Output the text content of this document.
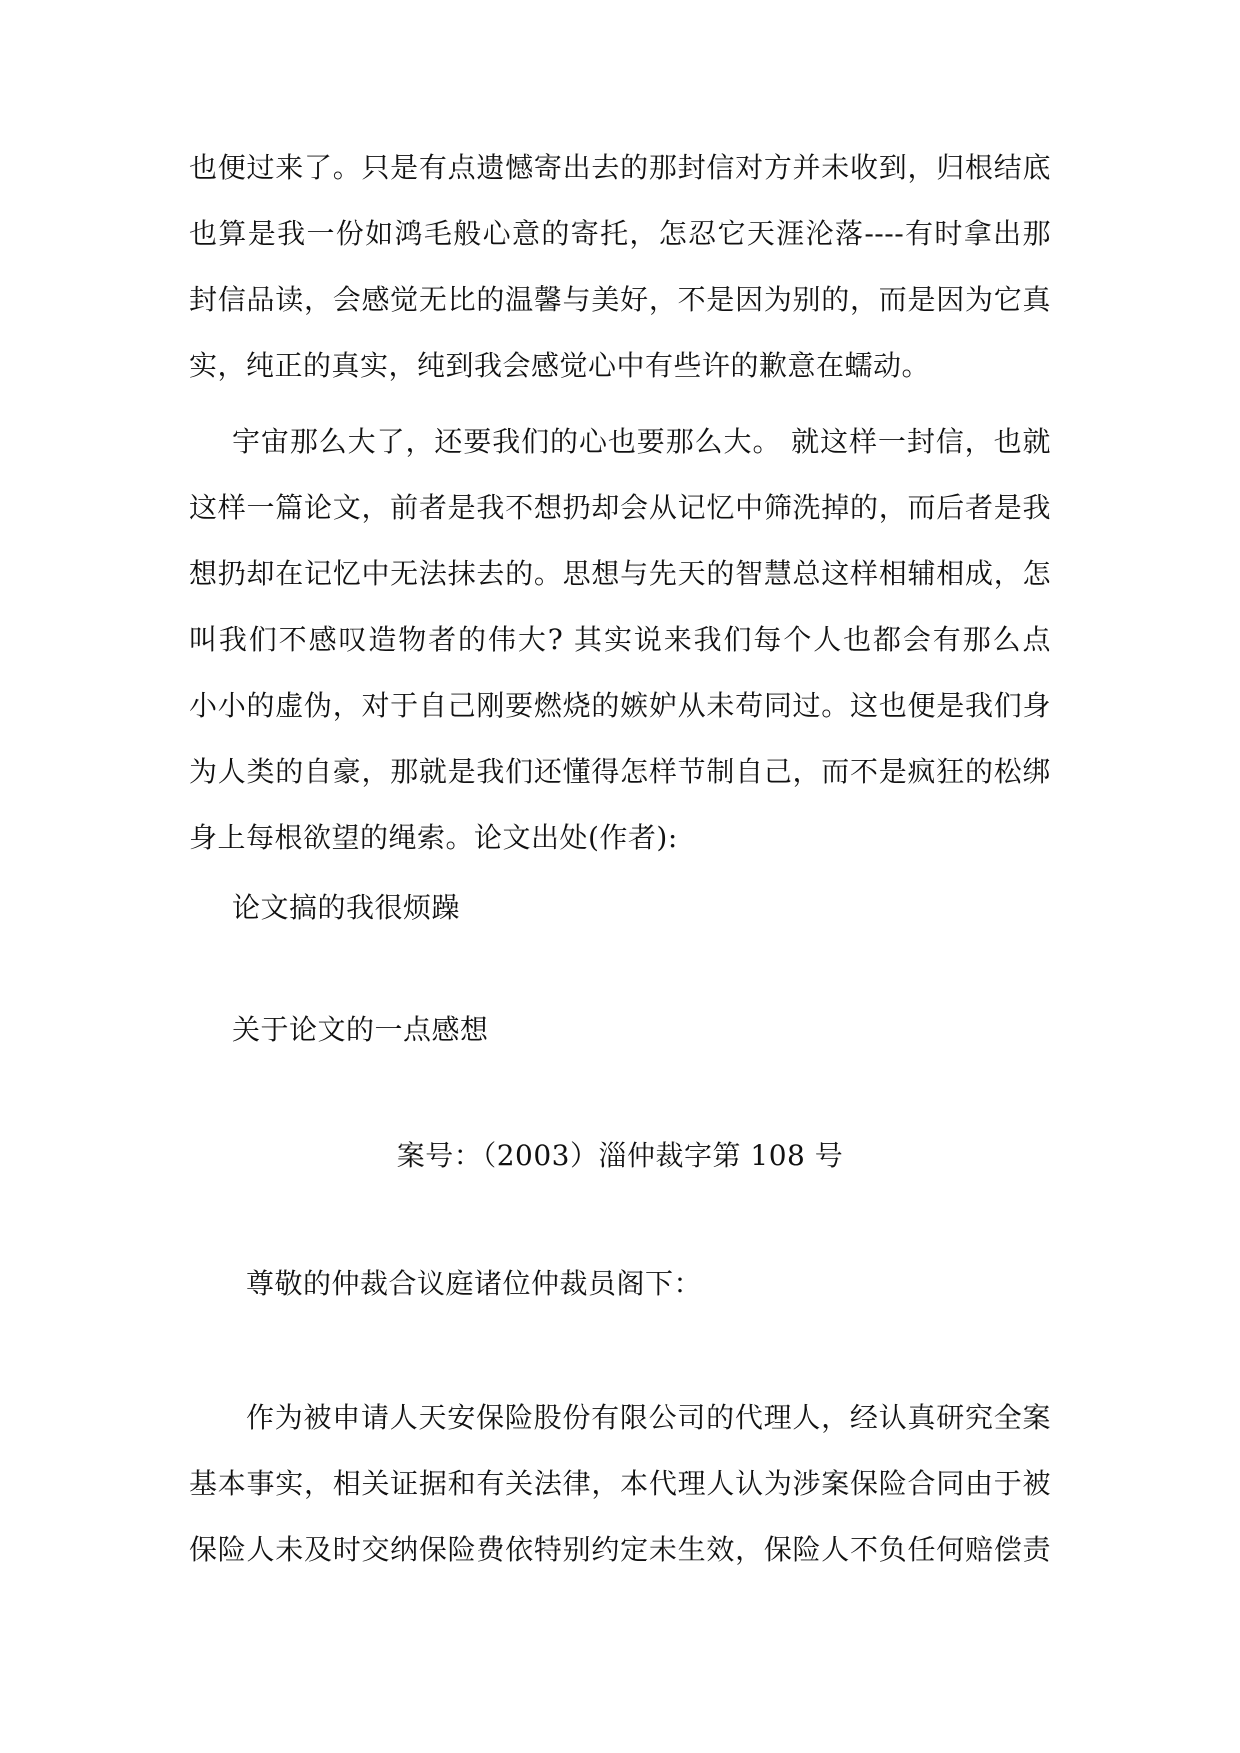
也便过来了。只是有点遗憾寄出去的那封信对方并未收到，归根结底
也算是我一份如鸿毛般心意的寄托，怎忍它天涯沦落----有时拿出那
封信品读，会感觉无比的温馨与美好，不是因为别的，而是因为它真
实，纯正的真实，纯到我会感觉心中有些许的歉意在蠕动。
宇宙那么大了，还要我们的心也要那么大。 就这样一封信，也就
这样一篇论文，前者是我不想扔却会从记忆中筛洗掉的，而后者是我
想扔却在记忆中无法抹去的。思想与先天的智慧总这样相辅相成，怎
叫我们不感叹造物者的伟大? 其实说来我们每个人也都会有那么点
小小的虚伪，对于自己刚要燃烧的嫉妒从未苟同过。这也便是我们身
为人类的自豪，那就是我们还懂得怎样节制自己，而不是疯狂的松绑
身上每根欲望的绳索。论文出处(作者):
论文搞的我很烦躁
关于论文的一点感想
案号：（2003）淄仲裁字第 108 号
尊敬的仲裁合议庭诸位仲裁员阁下：
作为被申请人天安保险股份有限公司的代理人，经认真研究全案
基本事实，相关证据和有关法律，本代理人认为涉案保险合同由于被
保险人未及时交纳保险费依特别约定未生效，保险人不负任何赔偿责
